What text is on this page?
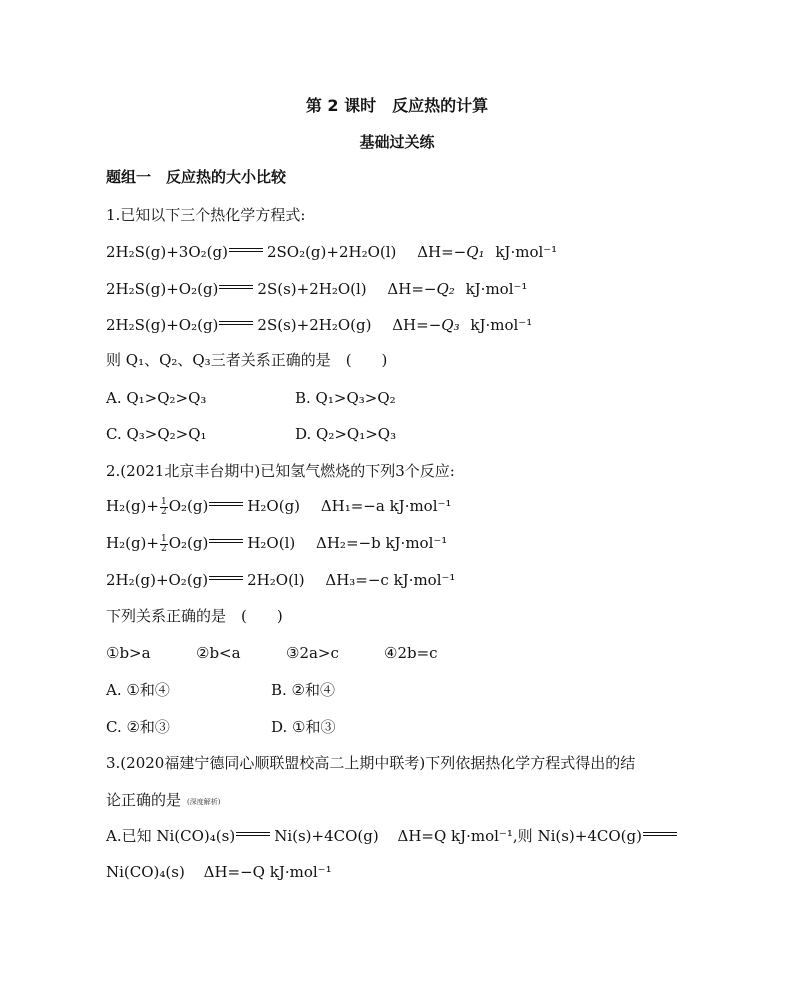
第 2 课时　反应热的计算
基础过关练
题组一　反应热的大小比较
1.已知以下三个热化学方程式:
2H₂S(g)+3O₂(g)	2SO₂(g)+2H₂O(l) ΔH=−Q₁ kJ·mol⁻¹
2H₂S(g)+O₂(g)	2S(s)+2H₂O(l) ΔH=−Q₂ kJ·mol⁻¹
2H₂S(g)+O₂(g)	2S(s)+2H₂O(g) ΔH=−Q₃ kJ·mol⁻¹
则 Q₁、Q₂、Q₃三者关系正确的是　(　　)
A. Q₁>Q₂>Q₃	B. Q₁>Q₃>Q₂
C. Q₃>Q₂>Q₁	D. Q₂>Q₁>Q₃
2.(2021北京丰台期中)已知氢气燃烧的下列3个反应:
$H_2(g)+ \frac{1}{2} O_2(g)$	H₂O(g) ΔH₁=−a kJ·mol⁻¹
$H_2(g)+ \frac{1}{2} O_2(g)$	H₂O(l) ΔH₂=−b kJ·mol⁻¹
2H₂(g)+O₂(g)	2H₂O(l) ΔH₃=−c kJ·mol⁻¹
下列关系正确的是　(　　)
①b>a	②b<a	③2a>c	④2b=c
A. ①和④	B. ②和④
C. ②和③	D. ①和③
3.(2020福建宁德同心顺联盟校高二上期中联考)下列依据热化学方程式得出的结
论正确的是 (深度解析)
A.已知 Ni(CO)₄(s)	Ni(s)+4CO(g) ΔH=Q kJ·mol⁻¹,则 Ni(s)+4CO(g)
Ni(CO)₄(s) ΔH=−Q kJ·mol⁻¹
